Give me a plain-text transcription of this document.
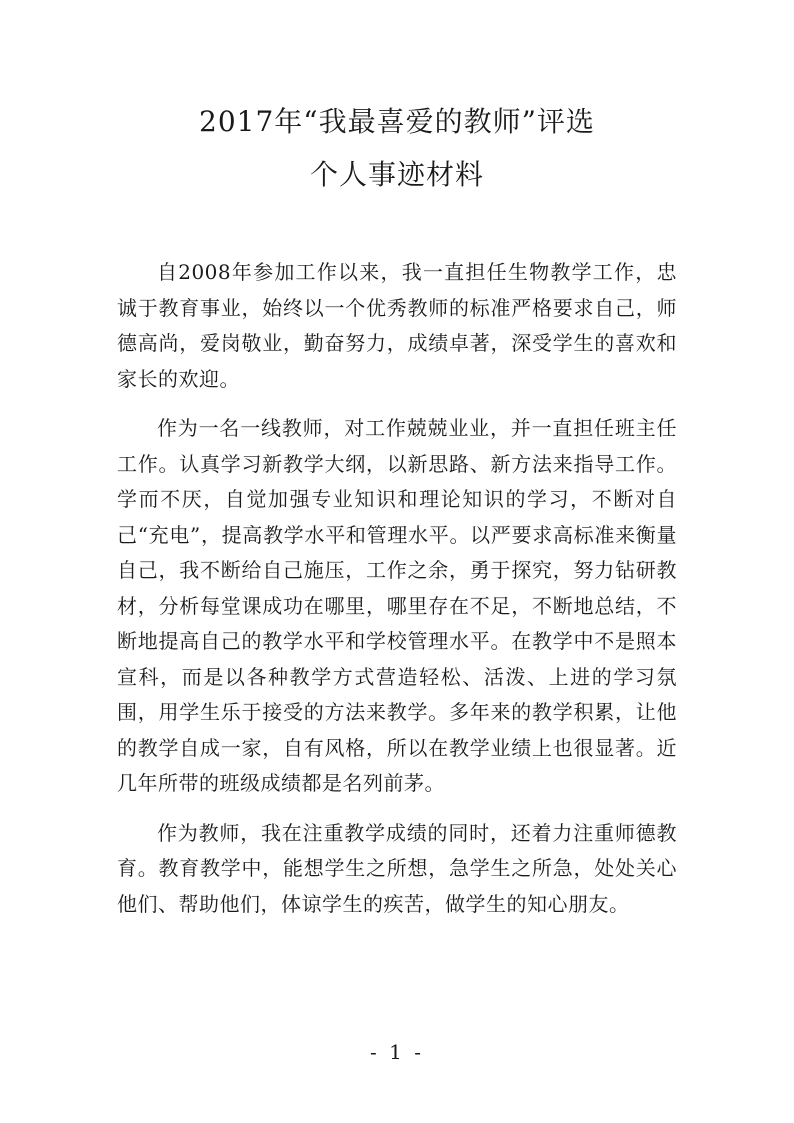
2017年“我最喜爱的教师”评选
个人事迹材料

自2008年参加工作以来，我一直担任生物教学工作，忠诚于教育事业，始终以一个优秀教师的标准严格要求自己，师德高尚，爱岗敬业，勤奋努力，成绩卓著，深受学生的喜欢和家长的欢迎。

作为一名一线教师，对工作兢兢业业，并一直担任班主任工作。认真学习新教学大纲，以新思路、新方法来指导工作。学而不厌，自觉加强专业知识和理论知识的学习，不断对自己“充电”，提高教学水平和管理水平。以严要求高标准来衡量自己，我不断给自己施压，工作之余，勇于探究，努力钻研教材，分析每堂课成功在哪里，哪里存在不足，不断地总结，不断地提高自己的教学水平和学校管理水平。在教学中不是照本宣科，而是以各种教学方式营造轻松、活泼、上进的学习氛围，用学生乐于接受的方法来教学。多年来的教学积累，让他的教学自成一家，自有风格，所以在教学业绩上也很显著。近几年所带的班级成绩都是名列前茅。

作为教师，我在注重教学成绩的同时，还着力注重师德教育。教育教学中，能想学生之所想，急学生之所急，处处关心他们、帮助他们，体谅学生的疾苦，做学生的知心朋友。

- 1 -
